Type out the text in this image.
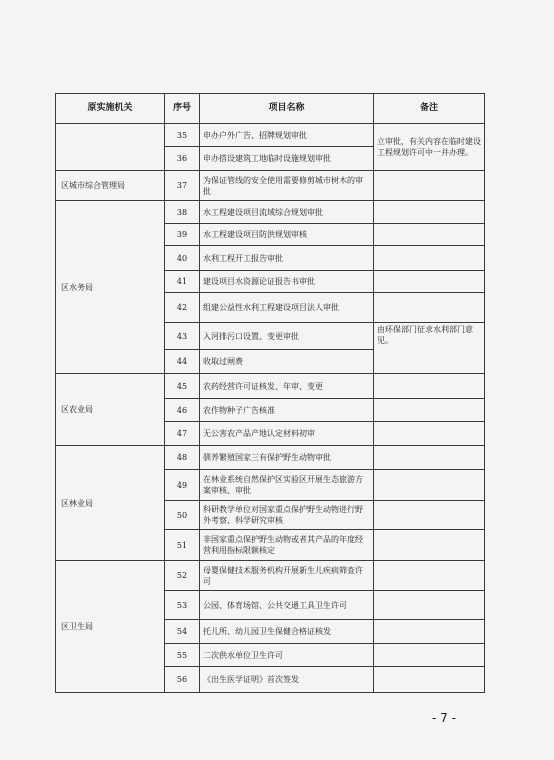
原实施机关	序号	项目名称	备注
	35	申办户外广告、招牌规划审批	立审批，有关内容在临时建设工程规划许可中一并办理。
	36	申办搭设建筑工地临时设施规划审批	
区城市综合管理局	37	为保证管线的安全使用需要修剪城市树木的审批	
区水务局	38	水工程建设项目流域综合规划审批	
	39	水工程建设项目防洪规划审核	
	40	水利工程开工报告审批	
	41	建设项目水资源论证报告书审批	
	42	组建公益性水利工程建设项目法人审批	
	43	入河排污口设置、变更审批	由环保部门征求水利部门意见。
	44	收取过闸费	
区农业局	45	农药经营许可证核发、年审、变更	
	46	农作物种子广告核准	
	47	无公害农产品产地认定材料初审	
区林业局	48	驯养繁殖国家三有保护野生动物审批	
	49	在林业系统自然保护区实验区开展生态旅游方案审核、审批	
	50	科研教学单位对国家重点保护野生动物进行野外考察、科学研究审核	
	51	非国家重点保护野生动物或者其产品的年度经营利用指标限额核定	
区卫生局	52	母婴保健技术服务机构开展新生儿疾病筛查许可	
	53	公园、体育场馆、公共交通工具卫生许可	
	54	托儿所、幼儿园卫生保健合格证核发	
	55	二次供水单位卫生许可	
	56	《出生医学证明》首次签发	
- 7 -
